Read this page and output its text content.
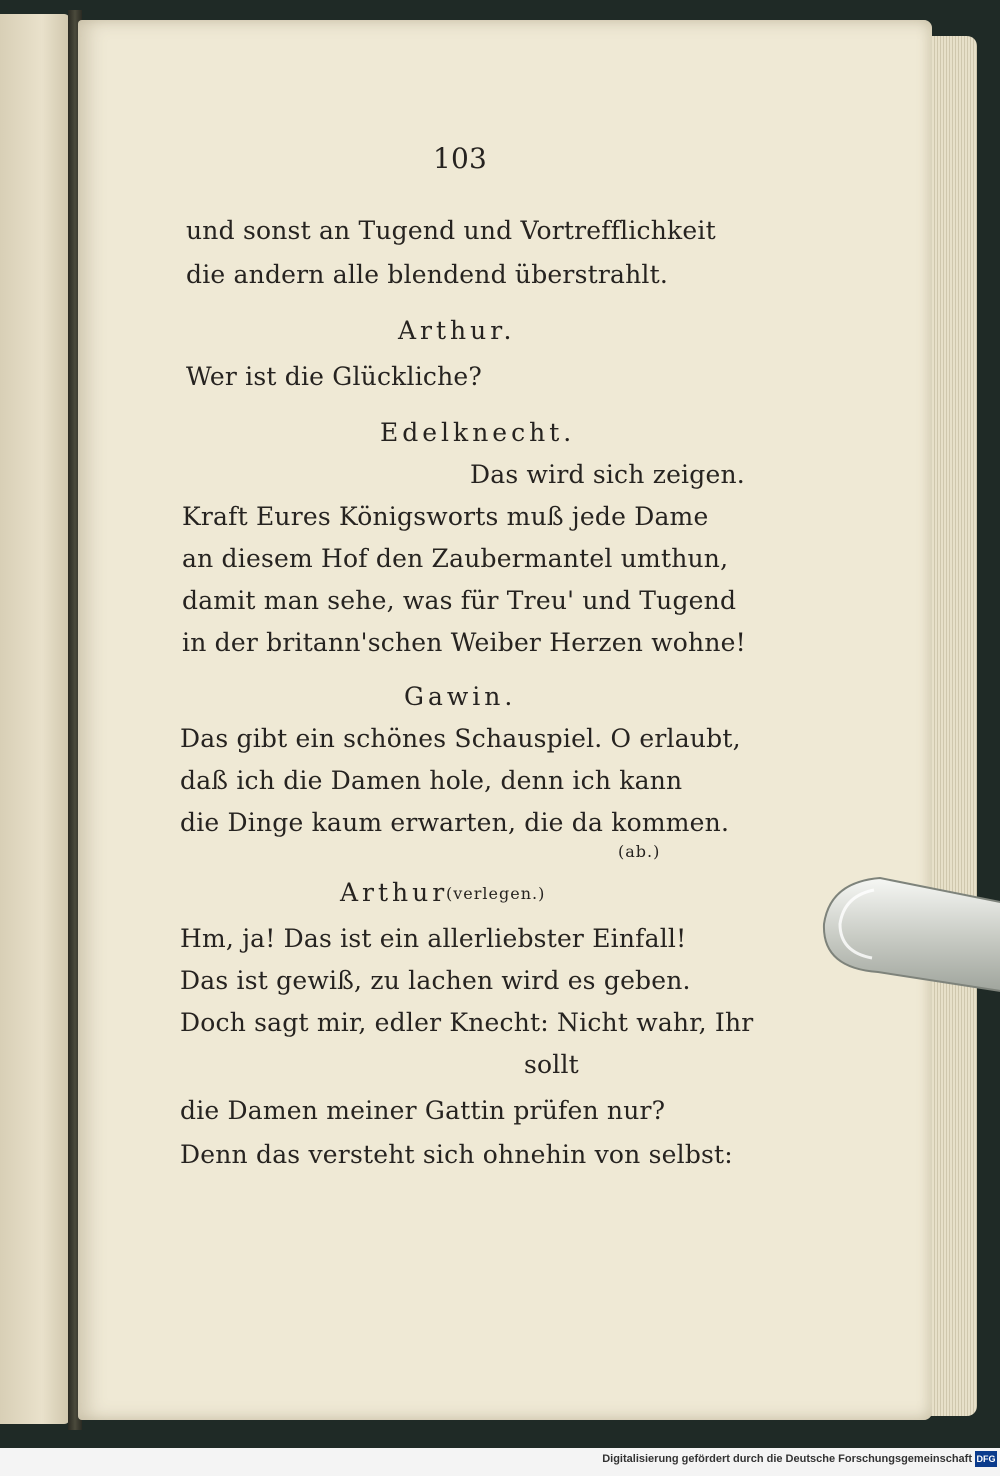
103
und sonst an Tugend und Vortrefflichkeit
die andern alle blendend überstrahlt.
Arthur.
Wer ist die Glückliche?
Edelknecht.
Das wird sich zeigen.
Kraft Eures Königsworts muß jede Dame
an diesem Hof den Zaubermantel umthun,
damit man sehe, was für Treu' und Tugend
in der britann'schen Weiber Herzen wohne!
Gawin.
Das gibt ein schönes Schauspiel. O erlaubt,
daß ich die Damen hole, denn ich kann
die Dinge kaum erwarten, die da kommen.
(ab.)
Arthur
(verlegen.)
Hm, ja! Das ist ein allerliebster Einfall!
Das ist gewiß, zu lachen wird es geben.
Doch sagt mir, edler Knecht: Nicht wahr, Ihr
sollt
die Damen meiner Gattin prüfen nur?
Denn das versteht sich ohnehin von selbst:
Digitalisierung gefördert durch die Deutsche Forschungsgemeinschaft DFG
